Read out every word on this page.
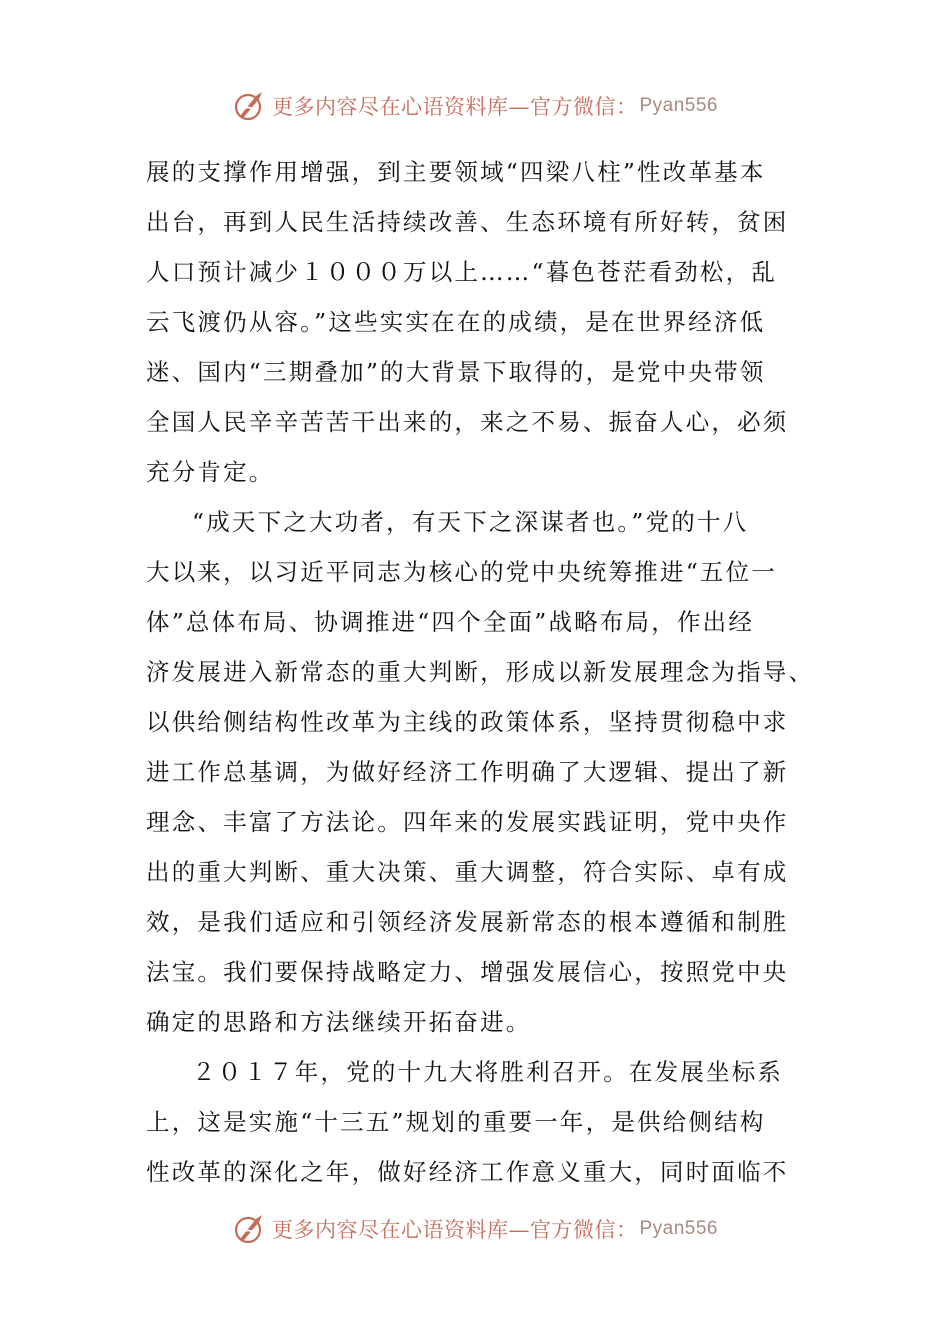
更多内容尽在心语资料库—官方微信： Pyan556
展的支撑作用增强，到主要领域“四梁八柱”性改革基本
出台，再到人民生活持续改善、生态环境有所好转，贫困
人口预计减少１０００万以上……“暮色苍茫看劲松，乱
云飞渡仍从容。”这些实实在在的成绩，是在世界经济低
迷、国内“三期叠加”的大背景下取得的，是党中央带领
全国人民辛辛苦苦干出来的，来之不易、振奋人心，必须
充分肯定。
“成天下之大功者，有天下之深谋者也。”党的十八
大以来，以习近平同志为核心的党中央统筹推进“五位一
体”总体布局、协调推进“四个全面”战略布局，作出经
济发展进入新常态的重大判断，形成以新发展理念为指导、
以供给侧结构性改革为主线的政策体系，坚持贯彻稳中求
进工作总基调，为做好经济工作明确了大逻辑、提出了新
理念、丰富了方法论。四年来的发展实践证明，党中央作
出的重大判断、重大决策、重大调整，符合实际、卓有成
效，是我们适应和引领经济发展新常态的根本遵循和制胜
法宝。我们要保持战略定力、增强发展信心，按照党中央
确定的思路和方法继续开拓奋进。
２０１７年，党的十九大将胜利召开。在发展坐标系
上，这是实施“十三五”规划的重要一年，是供给侧结构
性改革的深化之年，做好经济工作意义重大，同时面临不
更多内容尽在心语资料库—官方微信： Pyan556
